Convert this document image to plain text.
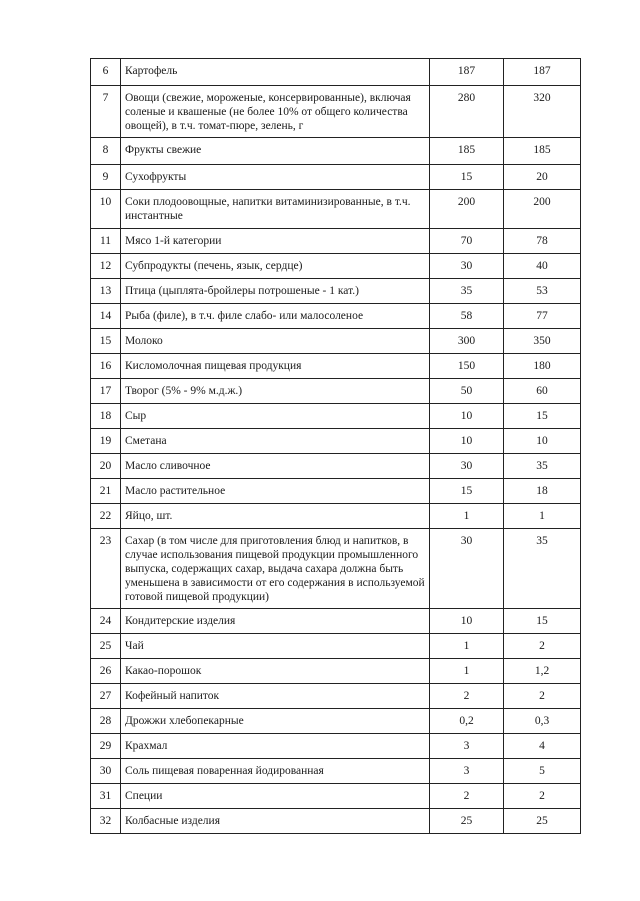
6	Картофель	187	187
7	Овощи (свежие, мороженые, консервированные), включая соленые и квашеные (не более 10% от общего количества овощей), в т.ч. томат-пюре, зелень, г	280	320
8	Фрукты свежие	185	185
9	Сухофрукты	15	20
10	Соки плодоовощные, напитки витаминизированные, в т.ч. инстантные	200	200
11	Мясо 1-й категории	70	78
12	Субпродукты (печень, язык, сердце)	30	40
13	Птица (цыплята-бройлеры потрошеные - 1 кат.)	35	53
14	Рыба (филе), в т.ч. филе слабо- или малосоленое	58	77
15	Молоко	300	350
16	Кисломолочная пищевая продукция	150	180
17	Творог (5% - 9% м.д.ж.)	50	60
18	Сыр	10	15
19	Сметана	10	10
20	Масло сливочное	30	35
21	Масло растительное	15	18
22	Яйцо, шт.	1	1
23	Сахар (в том числе для приготовления блюд и напитков, в случае использования пищевой продукции промышленного выпуска, содержащих сахар, выдача сахара должна быть уменьшена в зависимости от его содержания в используемой готовой пищевой продукции)	30	35
24	Кондитерские изделия	10	15
25	Чай	1	2
26	Какао-порошок	1	1,2
27	Кофейный напиток	2	2
28	Дрожжи хлебопекарные	0,2	0,3
29	Крахмал	3	4
30	Соль пищевая поваренная йодированная	3	5
31	Специи	2	2
32	Колбасные изделия	25	25
